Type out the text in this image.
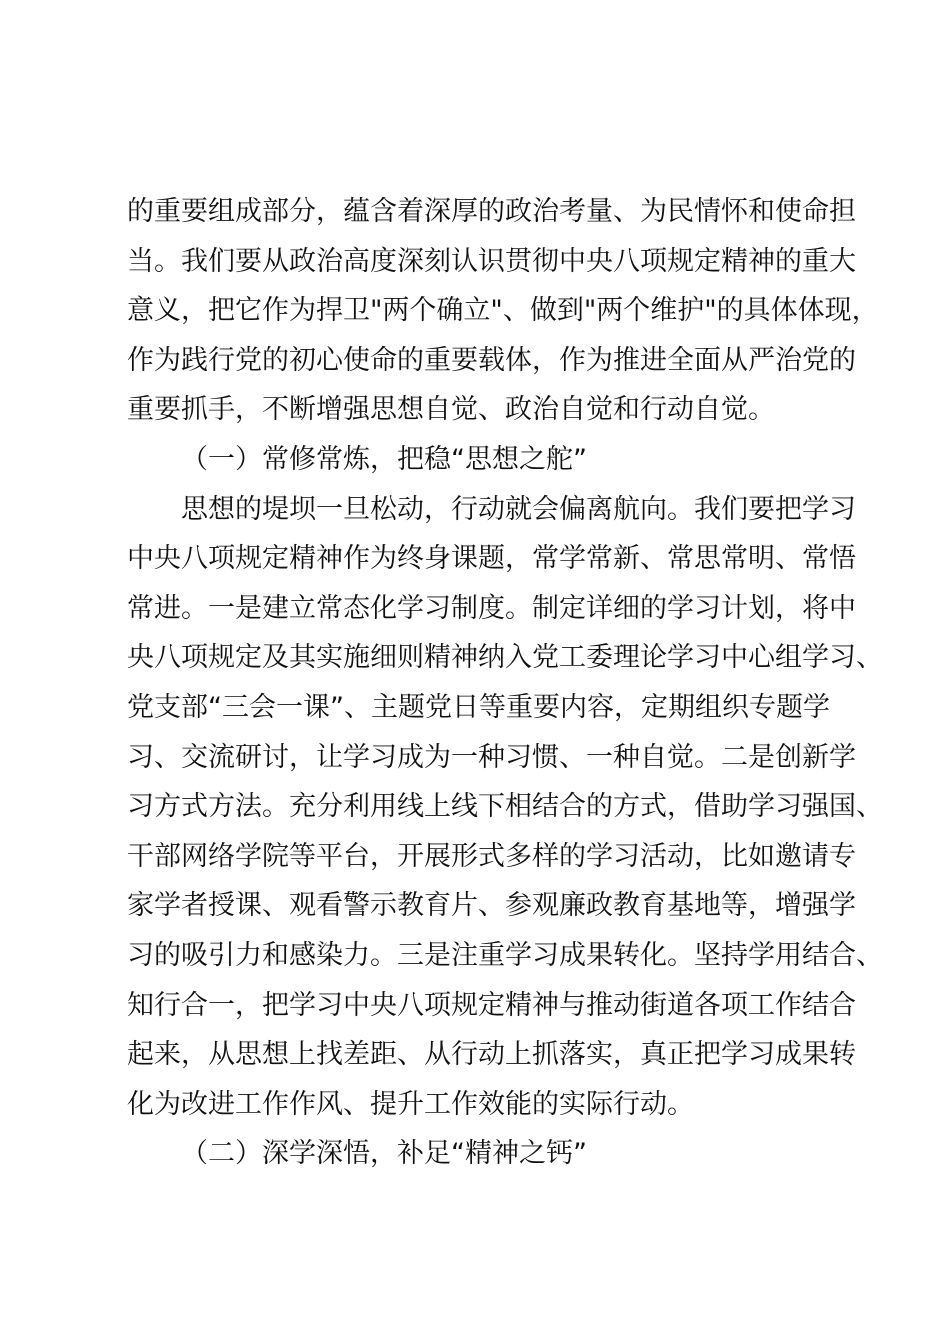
的重要组成部分，蕴含着深厚的政治考量、为民情怀和使命担
当。我们要从政治高度深刻认识贯彻中央八项规定精神的重大
意义，把它作为捍卫"两个确立"、做到"两个维护"的具体体现，
作为践行党的初心使命的重要载体，作为推进全面从严治党的
重要抓手，不断增强思想自觉、政治自觉和行动自觉。
（一）常修常炼，把稳“思想之舵”
思想的堤坝一旦松动，行动就会偏离航向。我们要把学习
中央八项规定精神作为终身课题，常学常新、常思常明、常悟
常进。一是建立常态化学习制度。制定详细的学习计划，将中
央八项规定及其实施细则精神纳入党工委理论学习中心组学习、
党支部“三会一课”、主题党日等重要内容，定期组织专题学
习、交流研讨，让学习成为一种习惯、一种自觉。二是创新学
习方式方法。充分利用线上线下相结合的方式，借助学习强国、
干部网络学院等平台，开展形式多样的学习活动，比如邀请专
家学者授课、观看警示教育片、参观廉政教育基地等，增强学
习的吸引力和感染力。三是注重学习成果转化。坚持学用结合、
知行合一，把学习中央八项规定精神与推动街道各项工作结合
起来，从思想上找差距、从行动上抓落实，真正把学习成果转
化为改进工作作风、提升工作效能的实际行动。
（二）深学深悟，补足“精神之钙”
